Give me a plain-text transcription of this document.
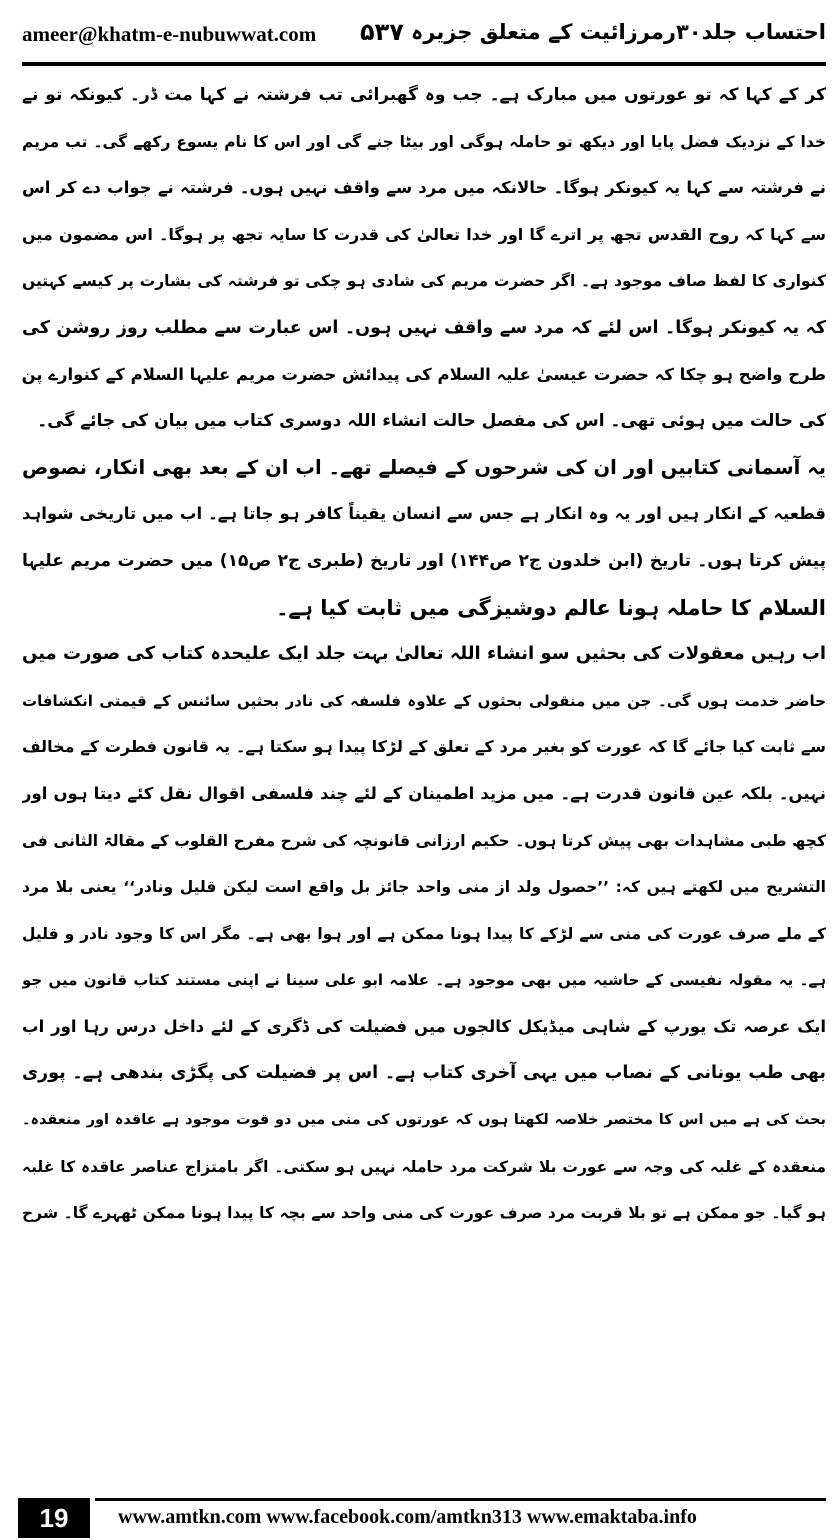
ameer@khatm-e-nubuwwat.com ۵۳۷ احتساب جلد۳۰رمرزائیت کے متعلق جزیرہ
کر کے کہا کہ تو عورتوں میں مبارک ہے۔ جب وہ گھبرائی تب فرشتہ نے کہا مت ڈر۔ کیونکہ تو نے
خدا کے نزدیک فضل پایا اور دیکھ تو حاملہ ہوگی اور بیٹا جنے گی اور اس کا نام یسوع رکھے گی۔ تب مریم
نے فرشتہ سے کہا یہ کیونکر ہوگا۔ حالانکہ میں مرد سے واقف نہیں ہوں۔ فرشتہ نے جواب دے کر اس
سے کہا کہ روح القدس تجھ پر اترے گا اور خدا تعالیٰ کی قدرت کا سایہ تجھ پر ہوگا۔ اس مضمون میں
کنواری کا لفظ صاف موجود ہے۔ اگر حضرت مریم کی شادی ہو چکی تو فرشتہ کی بشارت پر کیسے کہتیں
کہ یہ کیونکر ہوگا۔ اس لئے کہ مرد سے واقف نہیں ہوں۔ اس عبارت سے مطلب روز روشن کی
طرح واضح ہو چکا کہ حضرت عیسیٰ علیہ السلام کی پیدائش حضرت مریم علیہا السلام کے کنوارے پن
کی حالت میں ہوئی تھی۔ اس کی مفصل حالت انشاء اللہ دوسری کتاب میں بیان کی جائے گی۔
یہ آسمانی کتابیں اور ان کی شرحوں کے فیصلے تھے۔ اب ان کے بعد بھی انکار، نصوص
قطعیہ کے انکار ہیں اور یہ وہ انکار ہے جس سے انسان یقیناً کافر ہو جاتا ہے۔ اب میں تاریخی شواہد
پیش کرتا ہوں۔ تاریخ (ابن خلدون ج۲ ص۱۴۴) اور تاریخ (طبری ج۲ ص۱۵) میں حضرت مریم علیہا
السلام کا حاملہ ہونا عالم دوشیزگی میں ثابت کیا ہے۔
اب رہیں معقولات کی بحثیں سو انشاء اللہ تعالیٰ بہت جلد ایک علیحدہ کتاب کی صورت میں
حاضر خدمت ہوں گی۔ جن میں منقولی بحثوں کے علاوہ فلسفہ کی نادر بحثیں سائنس کے قیمتی انکشافات
سے ثابت کیا جائے گا کہ عورت کو بغیر مرد کے تعلق کے لڑکا پیدا ہو سکتا ہے۔ یہ قانون فطرت کے مخالف
نہیں۔ بلکہ عین قانون قدرت ہے۔ میں مزید اطمینان کے لئے چند فلسفی اقوال نقل کئے دیتا ہوں اور
کچھ طبی مشاہدات بھی پیش کرتا ہوں۔ حکیم ارزانی قانونچہ کی شرح مفرح القلوب کے مقالۃ الثانی فی
التشریح میں لکھتے ہیں کہ: ’’حصول ولد از منی واحد جائز بل واقع است لیکن قلیل ونادر‘‘ یعنی بلا مرد
کے ملے صرف عورت کی منی سے لڑکے کا پیدا ہونا ممکن ہے اور ہوا بھی ہے۔ مگر اس کا وجود نادر و قلیل
ہے۔ یہ مقولہ نفیسی کے حاشیہ میں بھی موجود ہے۔ علامہ ابو علی سینا نے اپنی مستند کتاب قانون میں جو
ایک عرصہ تک یورپ کے شاہی میڈیکل کالجوں میں فضیلت کی ڈگری کے لئے داخل درس رہا اور اب
بھی طب یونانی کے نصاب میں یہی آخری کتاب ہے۔ اس پر فضیلت کی پگڑی بندھی ہے۔ پوری
بحث کی ہے میں اس کا مختصر خلاصہ لکھتا ہوں کہ عورتوں کی منی میں دو قوت موجود ہے عاقدہ اور منعقدہ۔
منعقدہ کے غلبہ کی وجہ سے عورت بلا شرکت مرد حاملہ نہیں ہو سکتی۔ اگر بامتزاج عناصر عاقدہ کا غلبہ
ہو گیا۔ جو ممکن ہے تو بلا قربت مرد صرف عورت کی منی واحد سے بچہ کا پیدا ہونا ممکن ٹھہرے گا۔ شرح
19	www.amtkn.com www.facebook.com/amtkn313 www.emaktaba.info
